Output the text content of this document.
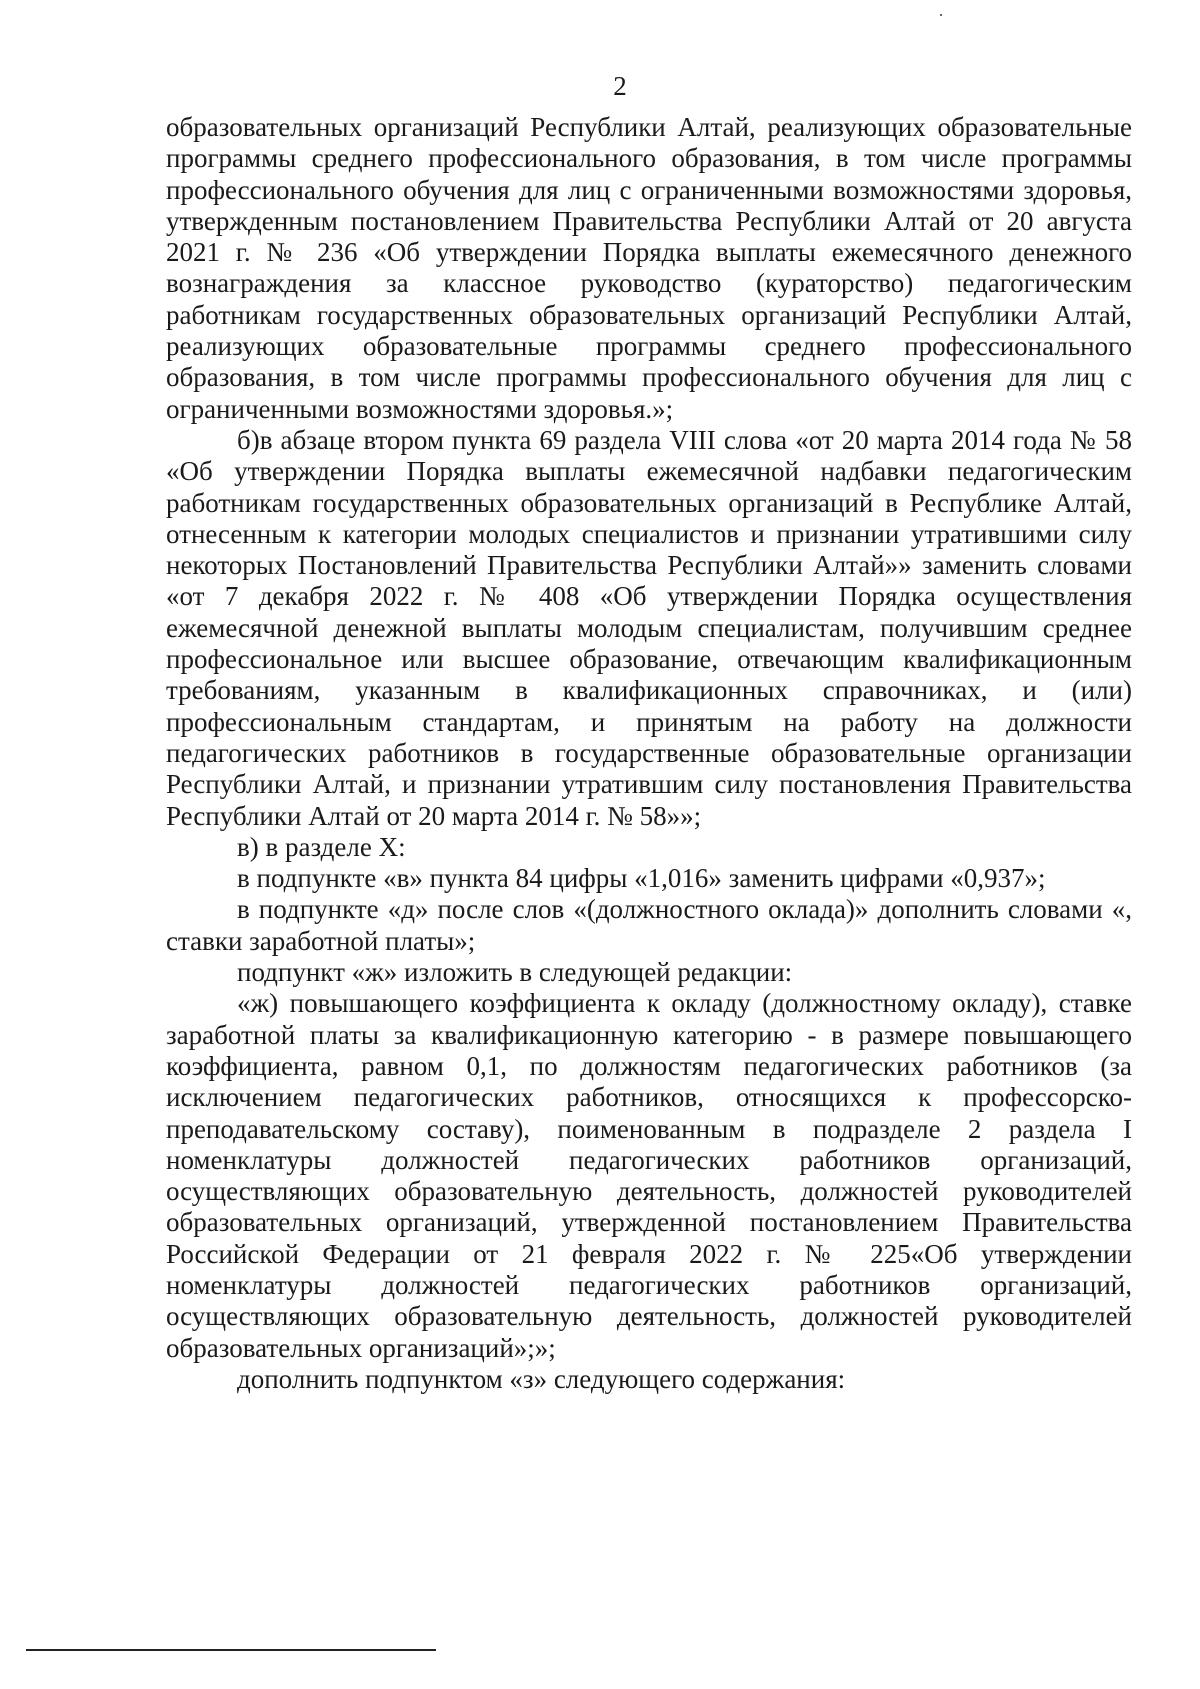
2

образовательных организаций Республики Алтай, реализующих образовательные программы среднего профессионального образования, в том числе программы профессионального обучения для лиц с ограниченными возможностями здоровья, утвержденным постановлением Правительства Республики Алтай от 20 августа 2021 г. № 236 «Об утверждении Порядка выплаты ежемесячного денежного вознаграждения за классное руководство (кураторство) педагогическим работникам государственных образовательных организаций Республики Алтай, реализующих образовательные программы среднего профессионального образования, в том числе программы профессионального обучения для лиц с ограниченными возможностями здоровья.»;

б)в абзаце втором пункта 69 раздела VIII слова «от 20 марта 2014 года № 58 «Об утверждении Порядка выплаты ежемесячной надбавки педагогическим работникам государственных образовательных организаций в Республике Алтай, отнесенным к категории молодых специалистов и признании утратившими силу некоторых Постановлений Правительства Республики Алтай»» заменить словами «от 7 декабря 2022 г. № 408 «Об утверждении Порядка осуществления ежемесячной денежной выплаты молодым специалистам, получившим среднее профессиональное или высшее образование, отвечающим квалификационным требованиям, указанным в квалификационных справочниках, и (или) профессиональным стандартам, и принятым на работу на должности педагогических работников в государственные образовательные организации Республики Алтай, и признании утратившим силу постановления Правительства Республики Алтай от 20 марта 2014 г. № 58»»;

в) в разделе X:

в подпункте «в» пункта 84 цифры «1,016» заменить цифрами «0,937»;

в подпункте «д» после слов «(должностного оклада)» дополнить словами «, ставки заработной платы»;

подпункт «ж» изложить в следующей редакции:

«ж) повышающего коэффициента к окладу (должностному окладу), ставке заработной платы за квалификационную категорию - в размере повышающего коэффициента, равном 0,1, по должностям педагогических работников (за исключением педагогических работников, относящихся к профессорско-преподавательскому составу), поименованным в подразделе 2 раздела I номенклатуры должностей педагогических работников организаций, осуществляющих образовательную деятельность, должностей руководителей образовательных организаций, утвержденной постановлением Правительства Российской Федерации от 21 февраля 2022 г. № 225«Об утверждении номенклатуры должностей педагогических работников организаций, осуществляющих образовательную деятельность, должностей руководителей образовательных организаций»;»;

дополнить подпунктом «з» следующего содержания:
